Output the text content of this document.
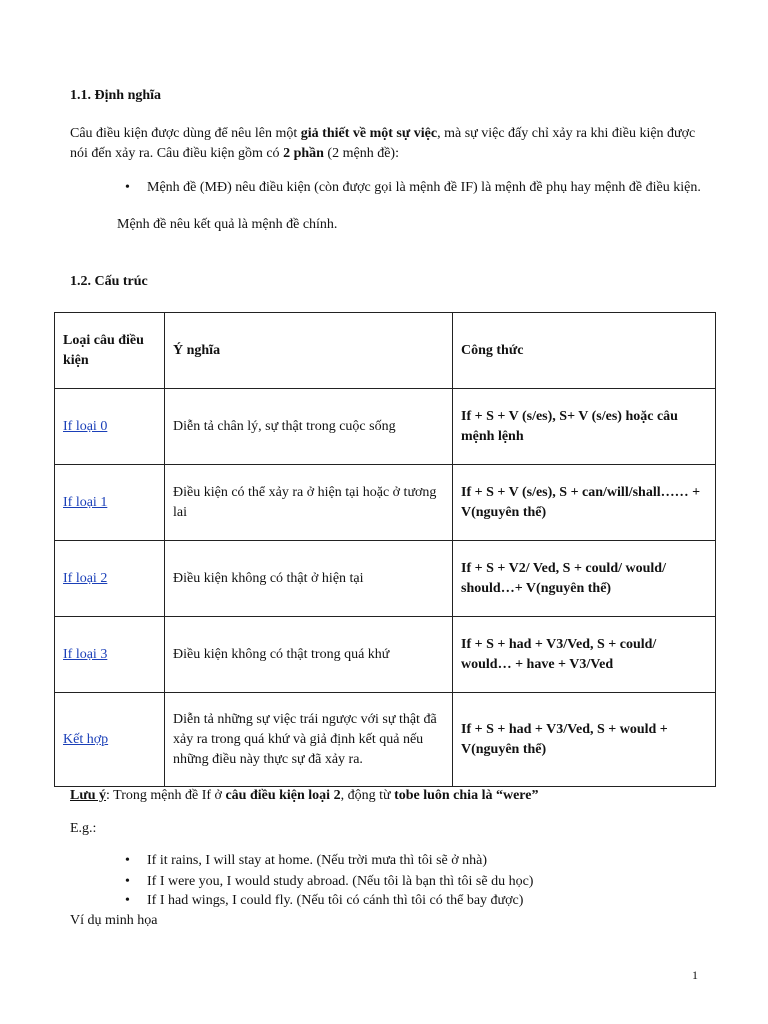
1.1. Định nghĩa

Câu điều kiện được dùng để nêu lên một giả thiết về một sự việc, mà sự việc đấy chỉ xảy ra khi điều kiện được nói đến xảy ra. Câu điều kiện gồm có 2 phần (2 mệnh đề):

• Mệnh đề (MĐ) nêu điều kiện (còn được gọi là mệnh đề IF) là mệnh đề phụ hay mệnh đề điều kiện.

Mệnh đề nêu kết quả là mệnh đề chính.

1.2. Cấu trúc

Loại câu điều kiện	Ý nghĩa	Công thức
If loại 0	Diễn tả chân lý, sự thật trong cuộc sống	If + S + V (s/es), S+ V (s/es) hoặc câu mệnh lệnh
If loại 1	Điều kiện có thể xảy ra ở hiện tại hoặc ở tương lai	If + S + V (s/es), S + can/will/shall…… + V(nguyên thể)
If loại 2	Điều kiện không có thật ở hiện tại	If + S + V2/ Ved, S + could/ would/ should…+ V(nguyên thể)
If loại 3	Điều kiện không có thật trong quá khứ	If + S + had + V3/Ved, S + could/ would… + have + V3/Ved
Kết hợp	Diễn tả những sự việc trái ngược với sự thật đã xảy ra trong quá khứ và giả định kết quả nếu những điều này thực sự đã xảy ra.	If + S + had + V3/Ved, S + would + V(nguyên thể)

Lưu ý: Trong mệnh đề If ở câu điều kiện loại 2, động từ tobe luôn chia là “were”

E.g.:

• If it rains, I will stay at home. (Nếu trời mưa thì tôi sẽ ở nhà)
• If I were you, I would study abroad. (Nếu tôi là bạn thì tôi sẽ du học)
• If I had wings, I could fly. (Nếu tôi có cánh thì tôi có thể bay được)

Ví dụ minh họa

1
